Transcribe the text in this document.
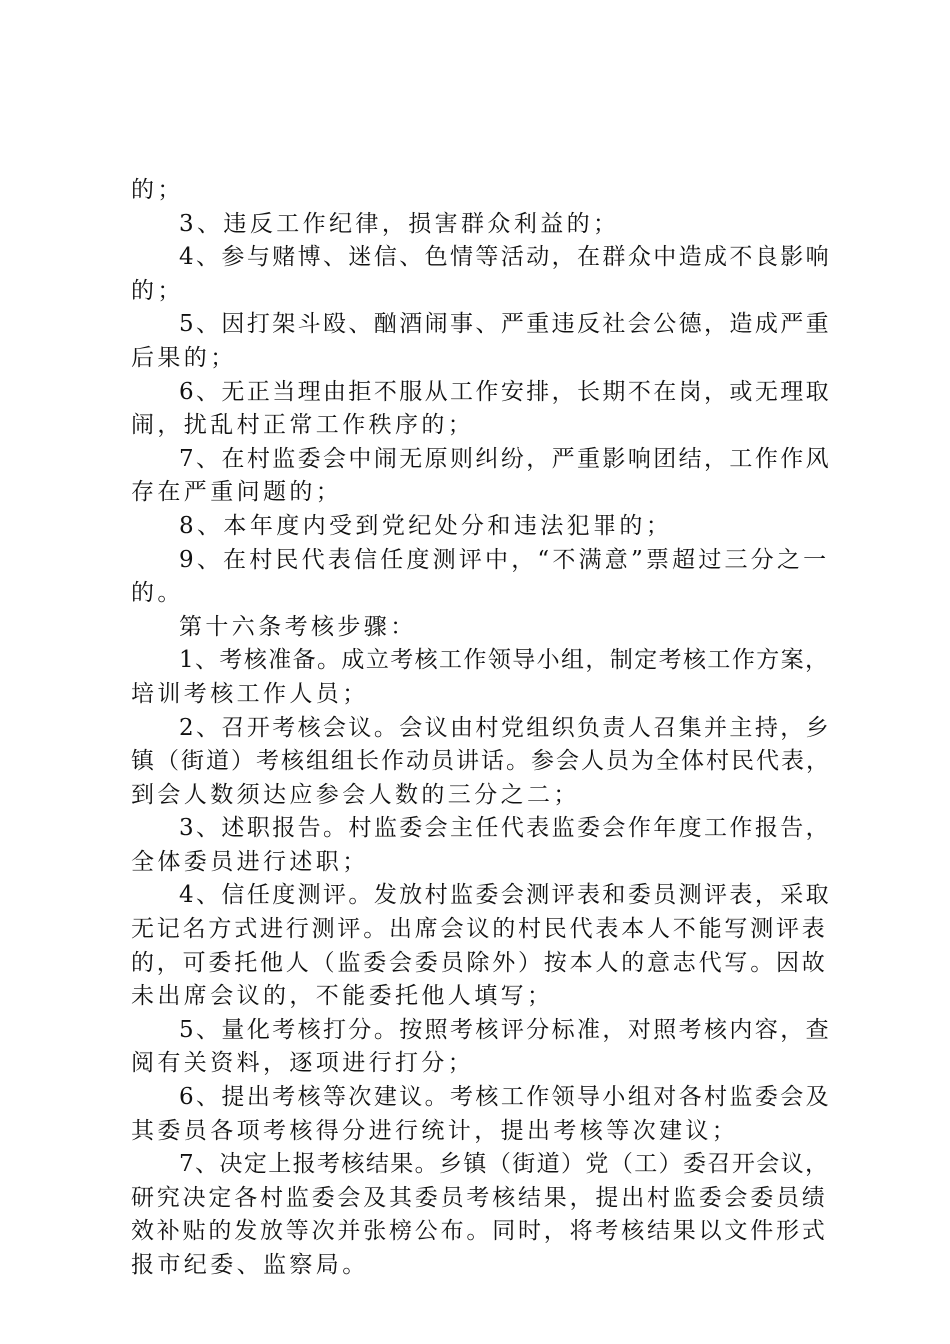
的；
3、违反工作纪律，损害群众利益的；
4、参与赌博、迷信、色情等活动，在群众中造成不良影响
的；
5、因打架斗殴、酗酒闹事、严重违反社会公德，造成严重
后果的；
6、无正当理由拒不服从工作安排，长期不在岗，或无理取
闹，扰乱村正常工作秩序的；
7、在村监委会中闹无原则纠纷，严重影响团结，工作作风
存在严重问题的；
8、本年度内受到党纪处分和违法犯罪的；
9、在村民代表信任度测评中，“不满意”票超过三分之一
的。
第十六条考核步骤：
1、考核准备。成立考核工作领导小组，制定考核工作方案，
培训考核工作人员；
2、召开考核会议。会议由村党组织负责人召集并主持，乡
镇（街道）考核组组长作动员讲话。参会人员为全体村民代表，
到会人数须达应参会人数的三分之二；
3、述职报告。村监委会主任代表监委会作年度工作报告，
全体委员进行述职；
4、信任度测评。发放村监委会测评表和委员测评表，采取
无记名方式进行测评。出席会议的村民代表本人不能写测评表
的，可委托他人（监委会委员除外）按本人的意志代写。因故
未出席会议的，不能委托他人填写；
5、量化考核打分。按照考核评分标准，对照考核内容，查
阅有关资料，逐项进行打分；
6、提出考核等次建议。考核工作领导小组对各村监委会及
其委员各项考核得分进行统计，提出考核等次建议；
7、决定上报考核结果。乡镇（街道）党（工）委召开会议，
研究决定各村监委会及其委员考核结果，提出村监委会委员绩
效补贴的发放等次并张榜公布。同时，将考核结果以文件形式
报市纪委、监察局。
